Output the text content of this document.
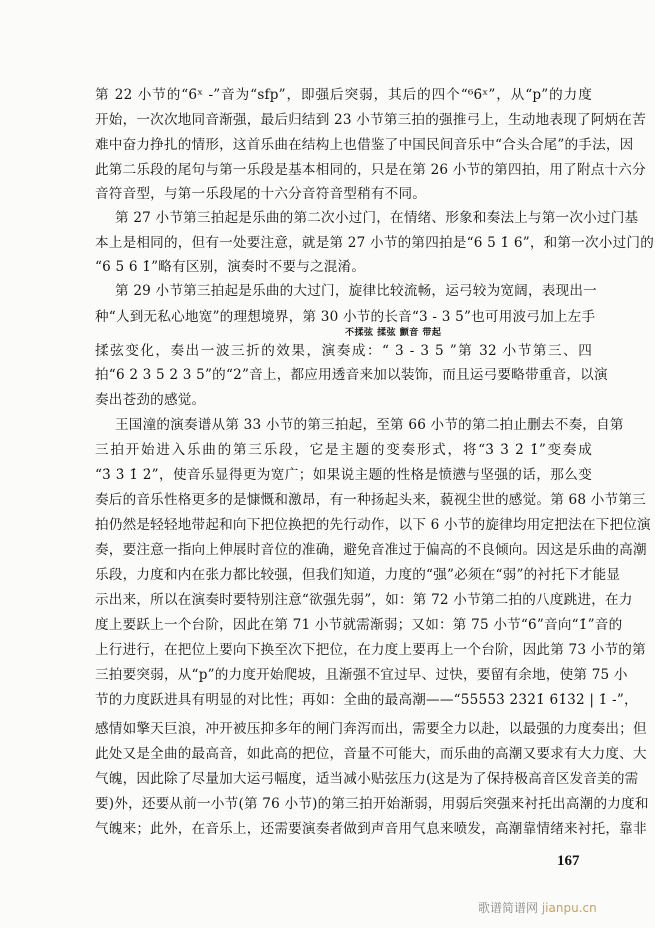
第 22 小节的“6̄ˣ -”音为“sfp”，即强后突弱，其后的四个“⁶6̇ˣ”，从“p”的力度
开始，一次次地同音渐强，最后归结到 23 小节第三拍的强推弓上，生动地表现了阿炳在苦
难中奋力挣扎的情形，这首乐曲在结构上也借鉴了中国民间音乐中“合头合尾”的手法，因
此第二乐段的尾句与第一乐段是基本相同的，只是在第 26 小节的第四拍，用了附点十六分
音符音型，与第一乐段尾的十六分音符音型稍有不同。
第 27 小节第三拍起是乐曲的第二次小过门，在情绪、形象和奏法上与第一次小过门基
本上是相同的，但有一处要注意，就是第 27 小节的第四拍是“6 5 1̇ 6”，和第一次小过门的
“6 5 6 1̇”略有区别，演奏时不要与之混淆。
第 29 小节第三拍起是乐曲的大过门，旋律比较流畅，运弓较为宽阔，表现出一
种“人到无私心地宽”的理想境界，第 30 小节的长音“3 - 3 5̇”也可用波弓加上左手
揉弦变化，奏出一波三折的效果，演奏成：“ 3 - 3 5 ”第 32 小节第三、四
拍“6 2 3 5 2 3 5”的“2”音上，都应用透音来加以装饰，而且运弓要略带重音，以演
奏出苍劲的感觉。
王国潼的演奏谱从第 33 小节的第三拍起，至第 66 小节的第二拍止删去不奏，自第
三拍开始进入乐曲的第三乐段，它是主题的变奏形式，将“3̇ 3̇ 2̇ 1̇”变奏成
“3̇ 3̇ 1̇ 2̇”，使音乐显得更为宽广；如果说主题的性格是愤懑与坚强的话，那么变
奏后的音乐性格更多的是慷慨和激昂，有一种扬起头来，藐视尘世的感觉。第 68 小节第三
拍仍然是轻轻地带起和向下把位换把的先行动作，以下 6 小节的旋律均用定把法在下把位演
奏，要注意一指向上伸展时音位的准确，避免音准过于偏高的不良倾向。因这是乐曲的高潮
乐段，力度和内在张力都比较强，但我们知道，力度的“强”必须在“弱”的衬托下才能显
示出来，所以在演奏时要特别注意“欲强先弱”，如：第 72 小节第二拍的八度跳进，在力
度上要跃上一个台阶，因此在第 71 小节就需渐弱；又如：第 75 小节“6̇”音向“1̇”音的
上行进行，在把位上要向下换至次下把位，在力度上要再上一个台阶，因此第 73 小节的第
三拍要突弱，从“p”的力度开始爬坡，且渐强不宜过早、过快，要留有余地，使第 75 小
节的力度跃进具有明显的对比性；再如：全曲的最高潮——“5̇5̇5̇5̇3̇ 2̇3̇2̇1̇ 6̇1̇3̇2̇ | 1̇ -”，
感情如擎天巨浪，冲开被压抑多年的闸门奔泻而出，需要全力以赴，以最强的力度奏出；但
此处又是全曲的最高音，如此高的把位，音量不可能大，而乐曲的高潮又要求有大力度、大
气魄，因此除了尽量加大运弓幅度，适当减小贴弦压力(这是为了保持极高音区发音美的需
要)外，还要从前一小节(第 76 小节)的第三拍开始渐弱，用弱后突强来衬托出高潮的力度和
气魄来；此外，在音乐上，还需要演奏者做到声音用气息来喷发，高潮靠情绪来衬托，靠非
不揉弦 揉弦 颤音 带起
167
歌谱简谱网 jianpu.cn
